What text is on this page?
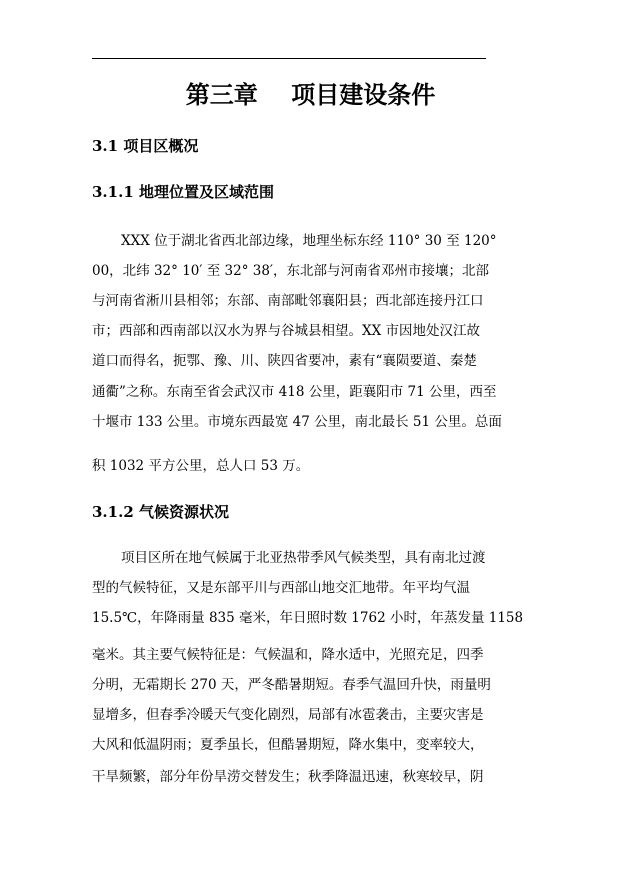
第三章    项目建设条件
3.1 项目区概况
3.1.1 地理位置及区域范围
XXX 位于湖北省西北部边缘，地理坐标东经 110° 30 至 120°
00，北纬 32° 10′ 至 32° 38′，东北部与河南省邓州市接壤；北部
与河南省淅川县相邻；东部、南部毗邻襄阳县；西北部连接丹江口
市；西部和西南部以汉水为界与谷城县相望。XX 市因地处汉江故
道口而得名，扼鄂、豫、川、陕四省要冲，素有“襄陨要道、秦楚
通衢”之称。东南至省会武汉市 418 公里，距襄阳市 71 公里，西至
十堰市 133 公里。市境东西最宽 47 公里，南北最长 51 公里。总面
积 1032 平方公里，总人口 53 万。
3.1.2 气候资源状况
项目区所在地气候属于北亚热带季风气候类型，具有南北过渡
型的气候特征，又是东部平川与西部山地交汇地带。年平均气温
15.5℃，年降雨量 835 毫米，年日照时数 1762 小时，年蒸发量 1158
毫米。其主要气候特征是：气候温和，降水适中，光照充足，四季
分明，无霜期长 270 天，严冬酷暑期短。春季气温回升快，雨量明
显增多，但春季冷暖天气变化剧烈，局部有冰雹袭击，主要灾害是
大风和低温阴雨；夏季虽长，但酷暑期短，降水集中，变率较大，
干旱频繁，部分年份旱涝交替发生；秋季降温迅速，秋寒较早，阴
